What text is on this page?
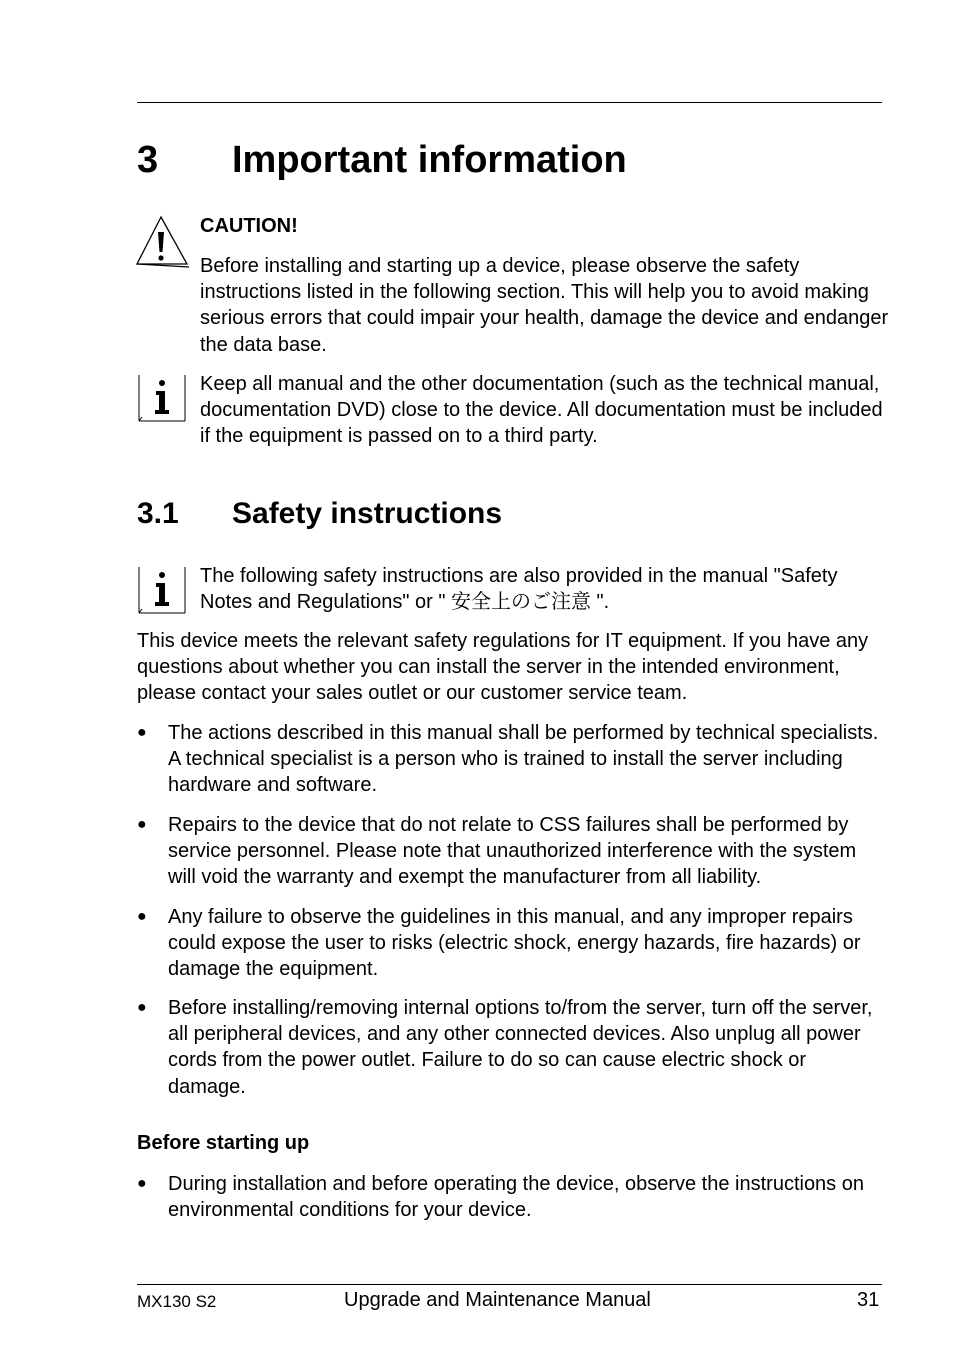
3 Important information
CAUTION!
Before installing and starting up a device, please observe the safety instructions listed in the following section. This will help you to avoid making serious errors that could impair your health, damage the device and endanger the data base.
Keep all manual and the other documentation (such as the technical manual, documentation DVD) close to the device. All documentation must be included if the equipment is passed on to a third party.
3.1 Safety instructions
The following safety instructions are also provided in the manual "Safety Notes and Regulations" or " 安全上のご注意 ".
This device meets the relevant safety regulations for IT equipment. If you have any questions about whether you can install the server in the intended environment, please contact your sales outlet or our customer service team.
● The actions described in this manual shall be performed by technical specialists. A technical specialist is a person who is trained to install the server including hardware and software.
● Repairs to the device that do not relate to CSS failures shall be performed by service personnel. Please note that unauthorized interference with the system will void the warranty and exempt the manufacturer from all liability.
● Any failure to observe the guidelines in this manual, and any improper repairs could expose the user to risks (electric shock, energy hazards, fire hazards) or damage the equipment.
● Before installing/removing internal options to/from the server, turn off the server, all peripheral devices, and any other connected devices. Also unplug all power cords from the power outlet. Failure to do so can cause electric shock or damage.
Before starting up
● During installation and before operating the device, observe the instructions on environmental conditions for your device.
MX130 S2	Upgrade and Maintenance Manual	31
